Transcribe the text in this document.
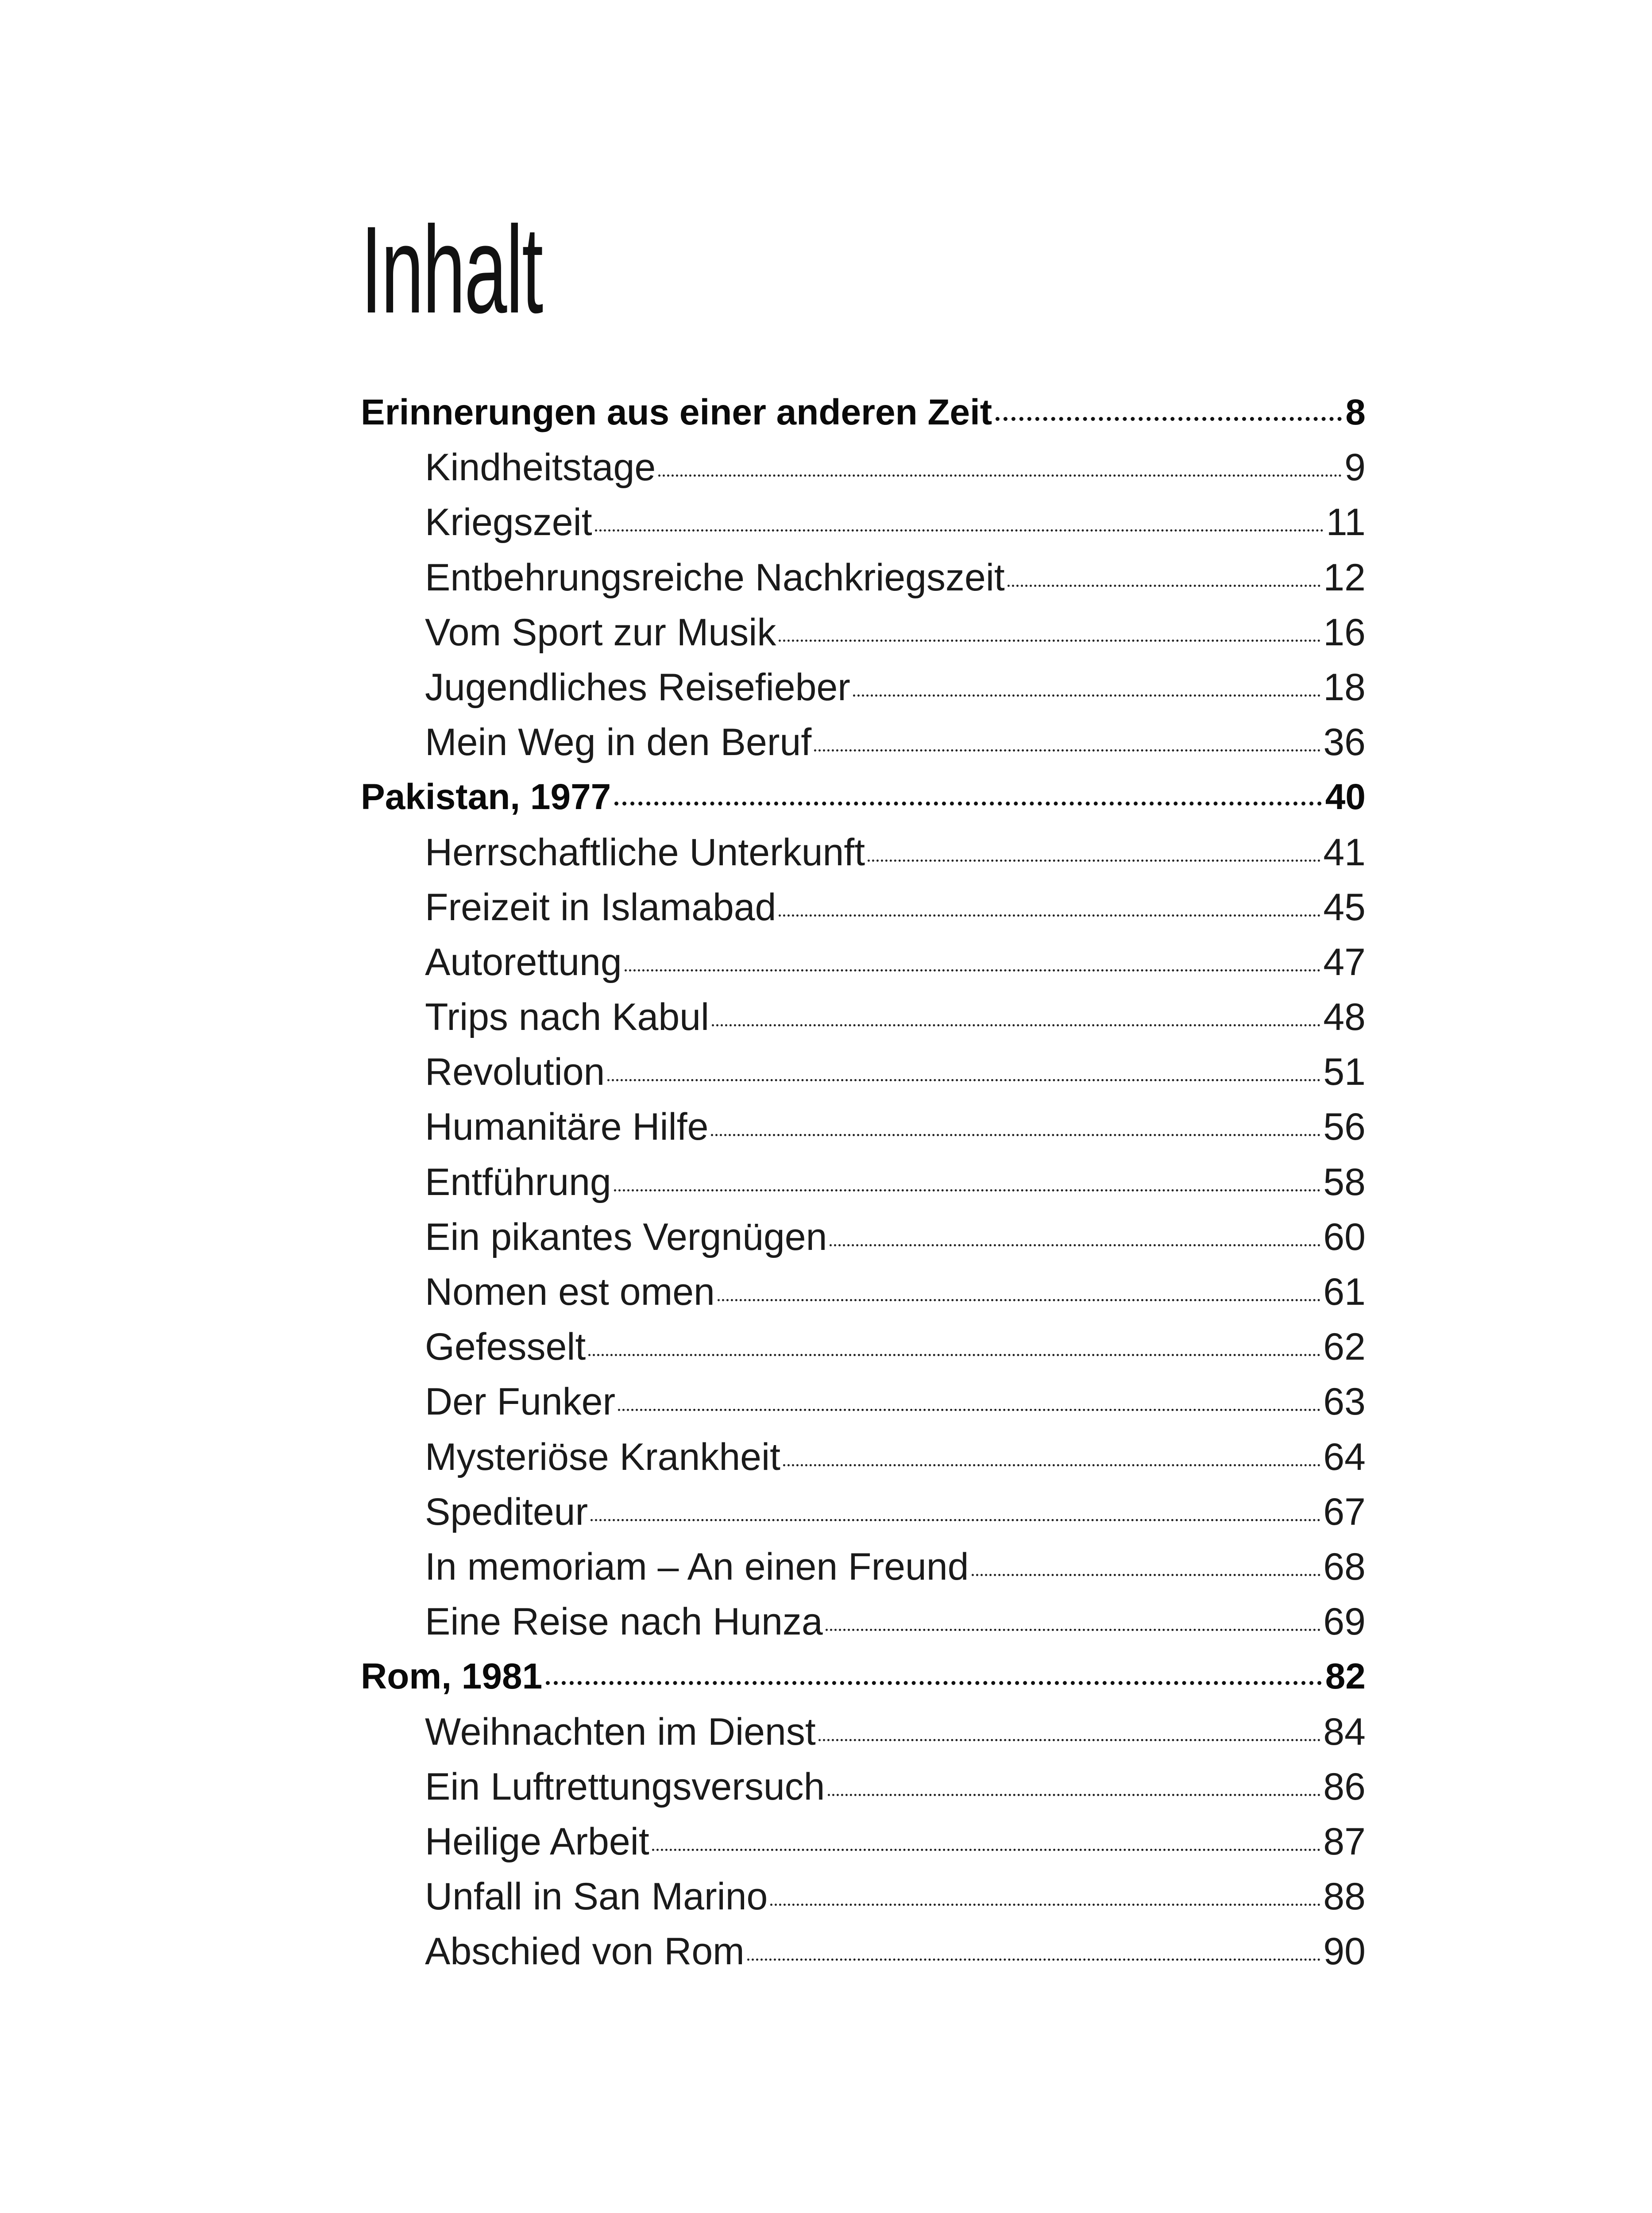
Inhalt
Erinnerungen aus einer anderen Zeit	8
Kindheitstage	9
Kriegszeit	11
Entbehrungsreiche Nachkriegszeit	12
Vom Sport zur Musik	16
Jugendliches Reisefieber	18
Mein Weg in den Beruf	36
Pakistan, 1977	40
Herrschaftliche Unterkunft	41
Freizeit in Islamabad	45
Autorettung	47
Trips nach Kabul	48
Revolution	51
Humanitäre Hilfe	56
Entführung	58
Ein pikantes Vergnügen	60
Nomen est omen	61
Gefesselt	62
Der Funker	63
Mysteriöse Krankheit	64
Spediteur	67
In memoriam – An einen Freund	68
Eine Reise nach Hunza	69
Rom, 1981	82
Weihnachten im Dienst	84
Ein Luftrettungsversuch	86
Heilige Arbeit	87
Unfall in San Marino	88
Abschied von Rom	90
